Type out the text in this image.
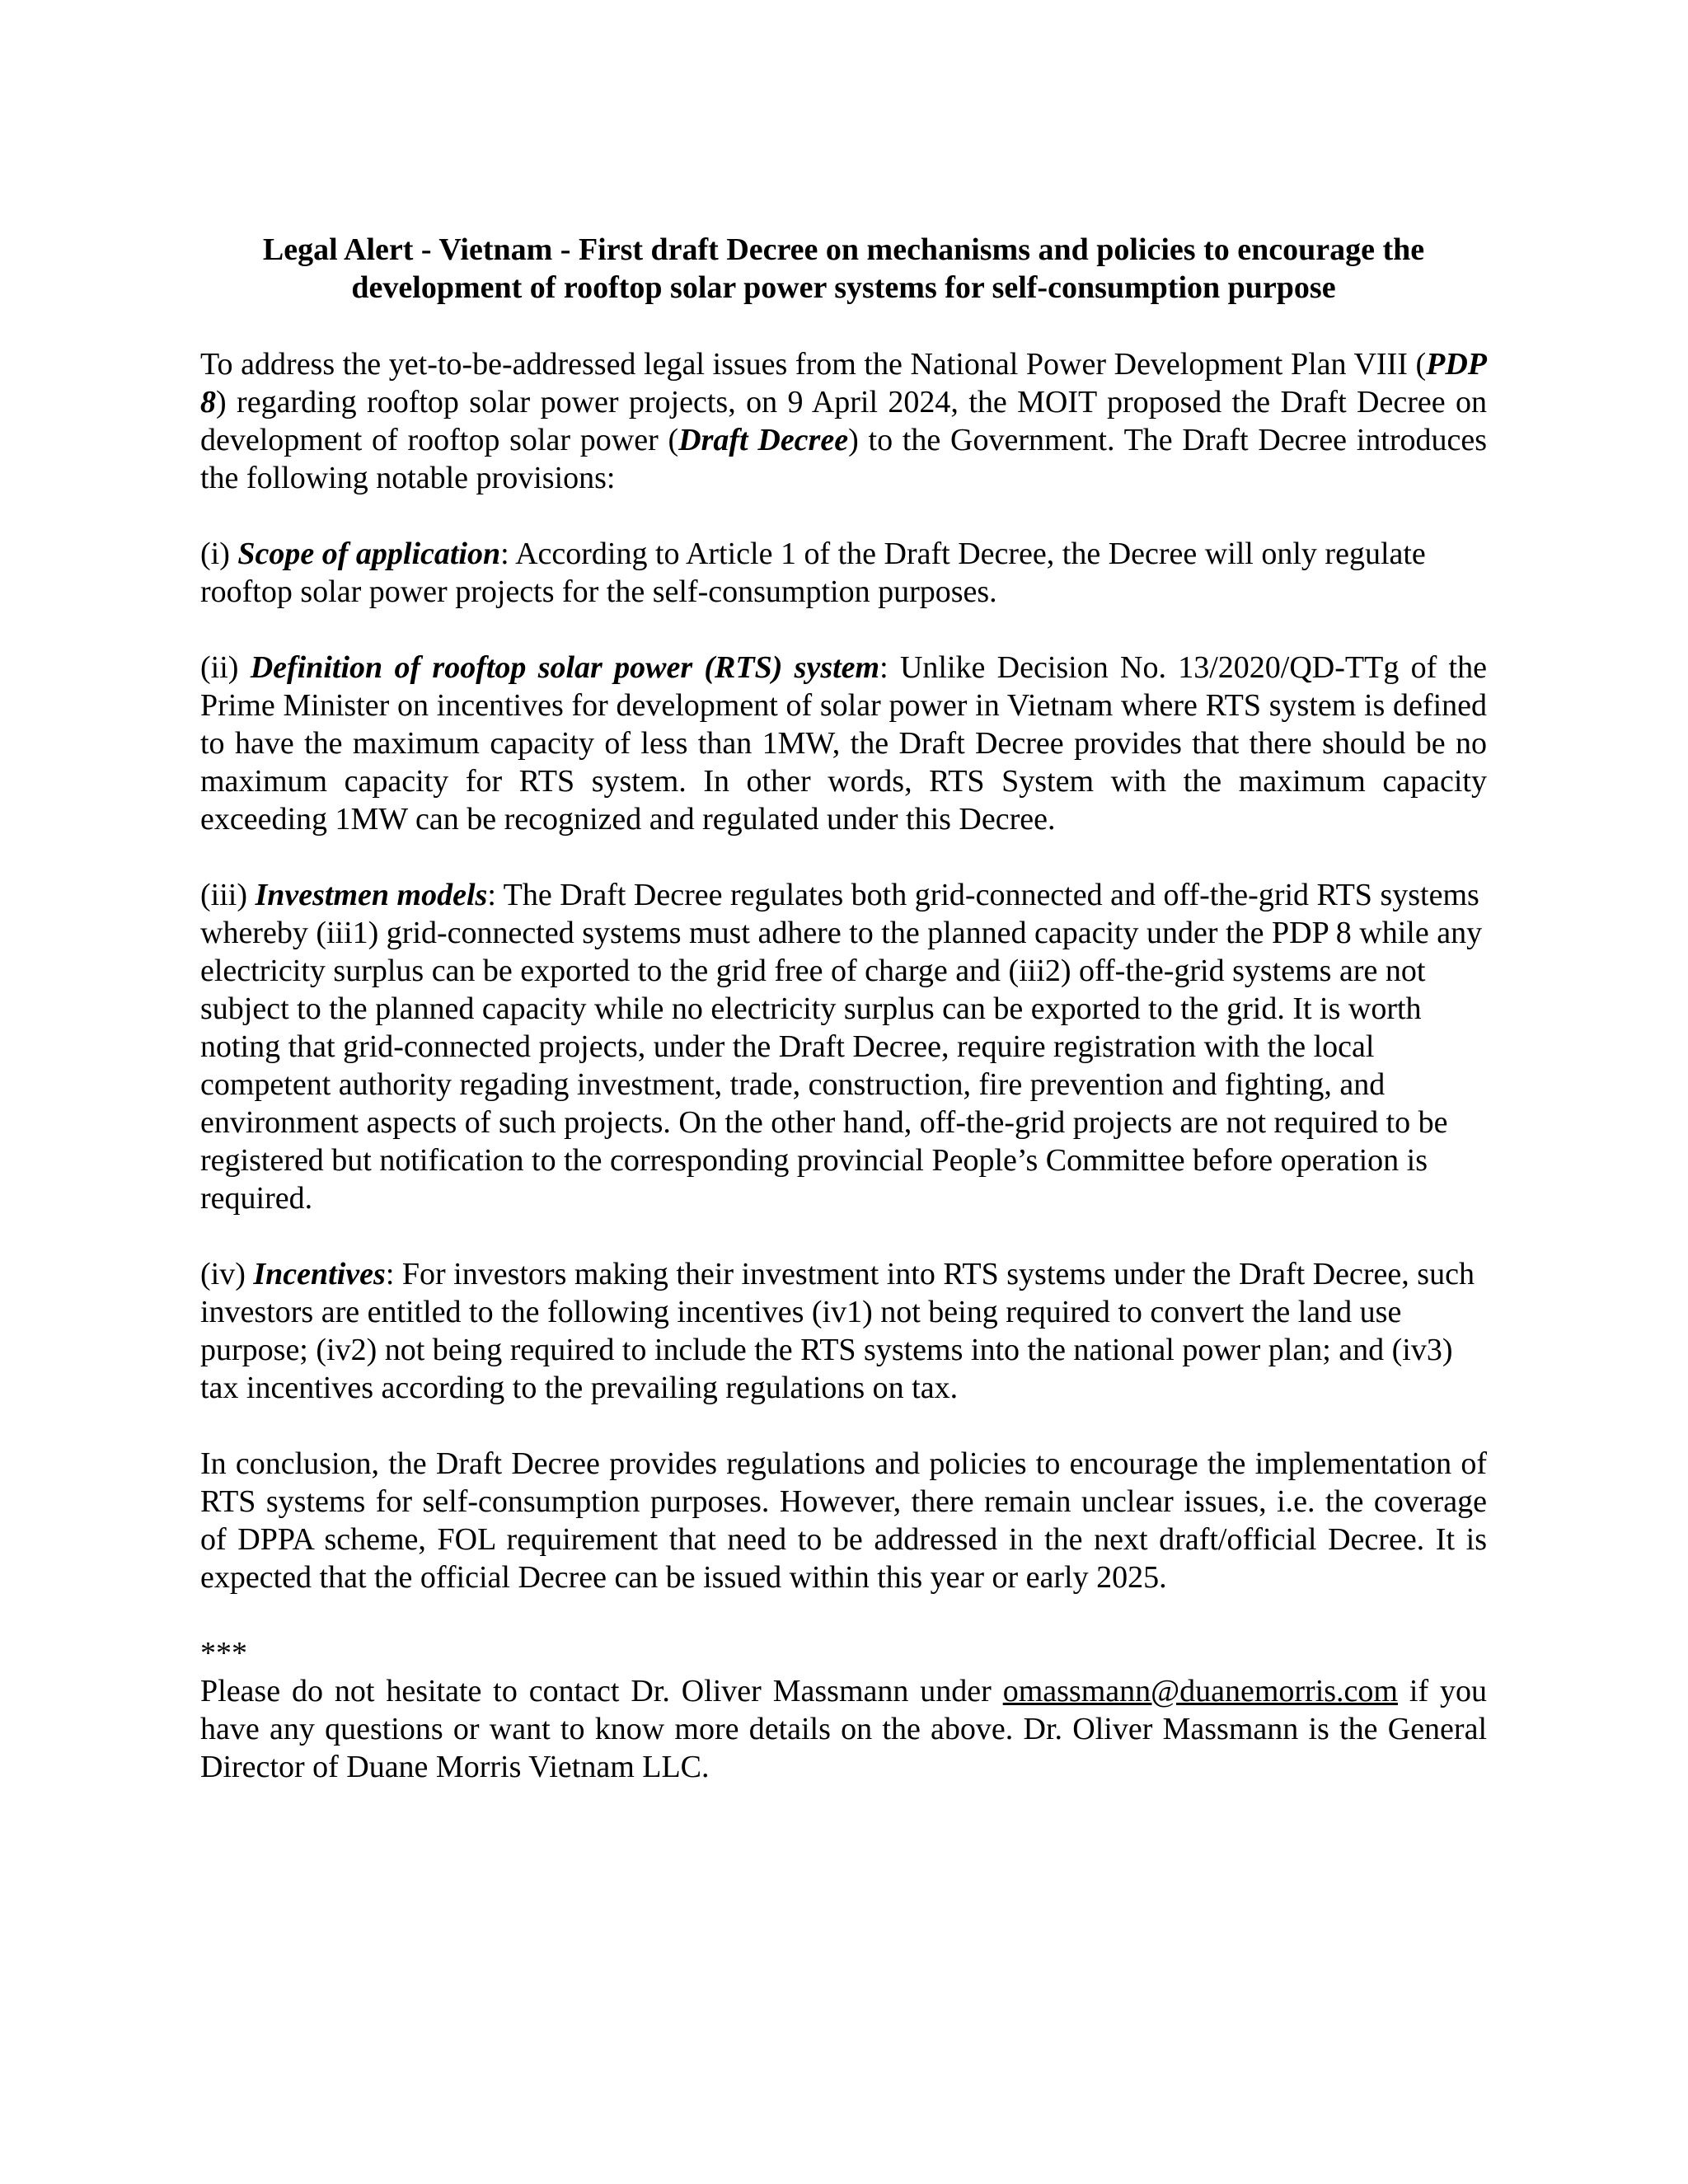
Legal Alert - Vietnam - First draft Decree on mechanisms and policies to encourage the
development of rooftop solar power systems for self-consumption purpose

To address the yet-to-be-addressed legal issues from the National Power Development Plan VIII (PDP 8) regarding rooftop solar power projects, on 9 April 2024, the MOIT proposed the Draft Decree on development of rooftop solar power (Draft Decree) to the Government. The Draft Decree introduces the following notable provisions:

(i) Scope of application: According to Article 1 of the Draft Decree, the Decree will only regulate rooftop solar power projects for the self-consumption purposes.

(ii) Definition of rooftop solar power (RTS) system: Unlike Decision No. 13/2020/QD-TTg of the Prime Minister on incentives for development of solar power in Vietnam where RTS system is defined to have the maximum capacity of less than 1MW, the Draft Decree provides that there should be no maximum capacity for RTS system. In other words, RTS System with the maximum capacity exceeding 1MW can be recognized and regulated under this Decree.

(iii) Investmen models: The Draft Decree regulates both grid-connected and off-the-grid RTS systems whereby (iii1) grid-connected systems must adhere to the planned capacity under the PDP 8 while any electricity surplus can be exported to the grid free of charge and (iii2) off-the-grid systems are not subject to the planned capacity while no electricity surplus can be exported to the grid. It is worth noting that grid-connected projects, under the Draft Decree, require registration with the local competent authority regading investment, trade, construction, fire prevention and fighting, and environment aspects of such projects. On the other hand, off-the-grid projects are not required to be registered but notification to the corresponding provincial People’s Committee before operation is required.

(iv) Incentives: For investors making their investment into RTS systems under the Draft Decree, such investors are entitled to the following incentives (iv1) not being required to convert the land use purpose; (iv2) not being required to include the RTS systems into the national power plan; and (iv3) tax incentives according to the prevailing regulations on tax.

In conclusion, the Draft Decree provides regulations and policies to encourage the implementation of RTS systems for self-consumption purposes. However, there remain unclear issues, i.e. the coverage of DPPA scheme, FOL requirement that need to be addressed in the next draft/official Decree. It is expected that the official Decree can be issued within this year or early 2025.

***

Please do not hesitate to contact Dr. Oliver Massmann under omassmann@duanemorris.com if you have any questions or want to know more details on the above. Dr. Oliver Massmann is the General Director of Duane Morris Vietnam LLC.
